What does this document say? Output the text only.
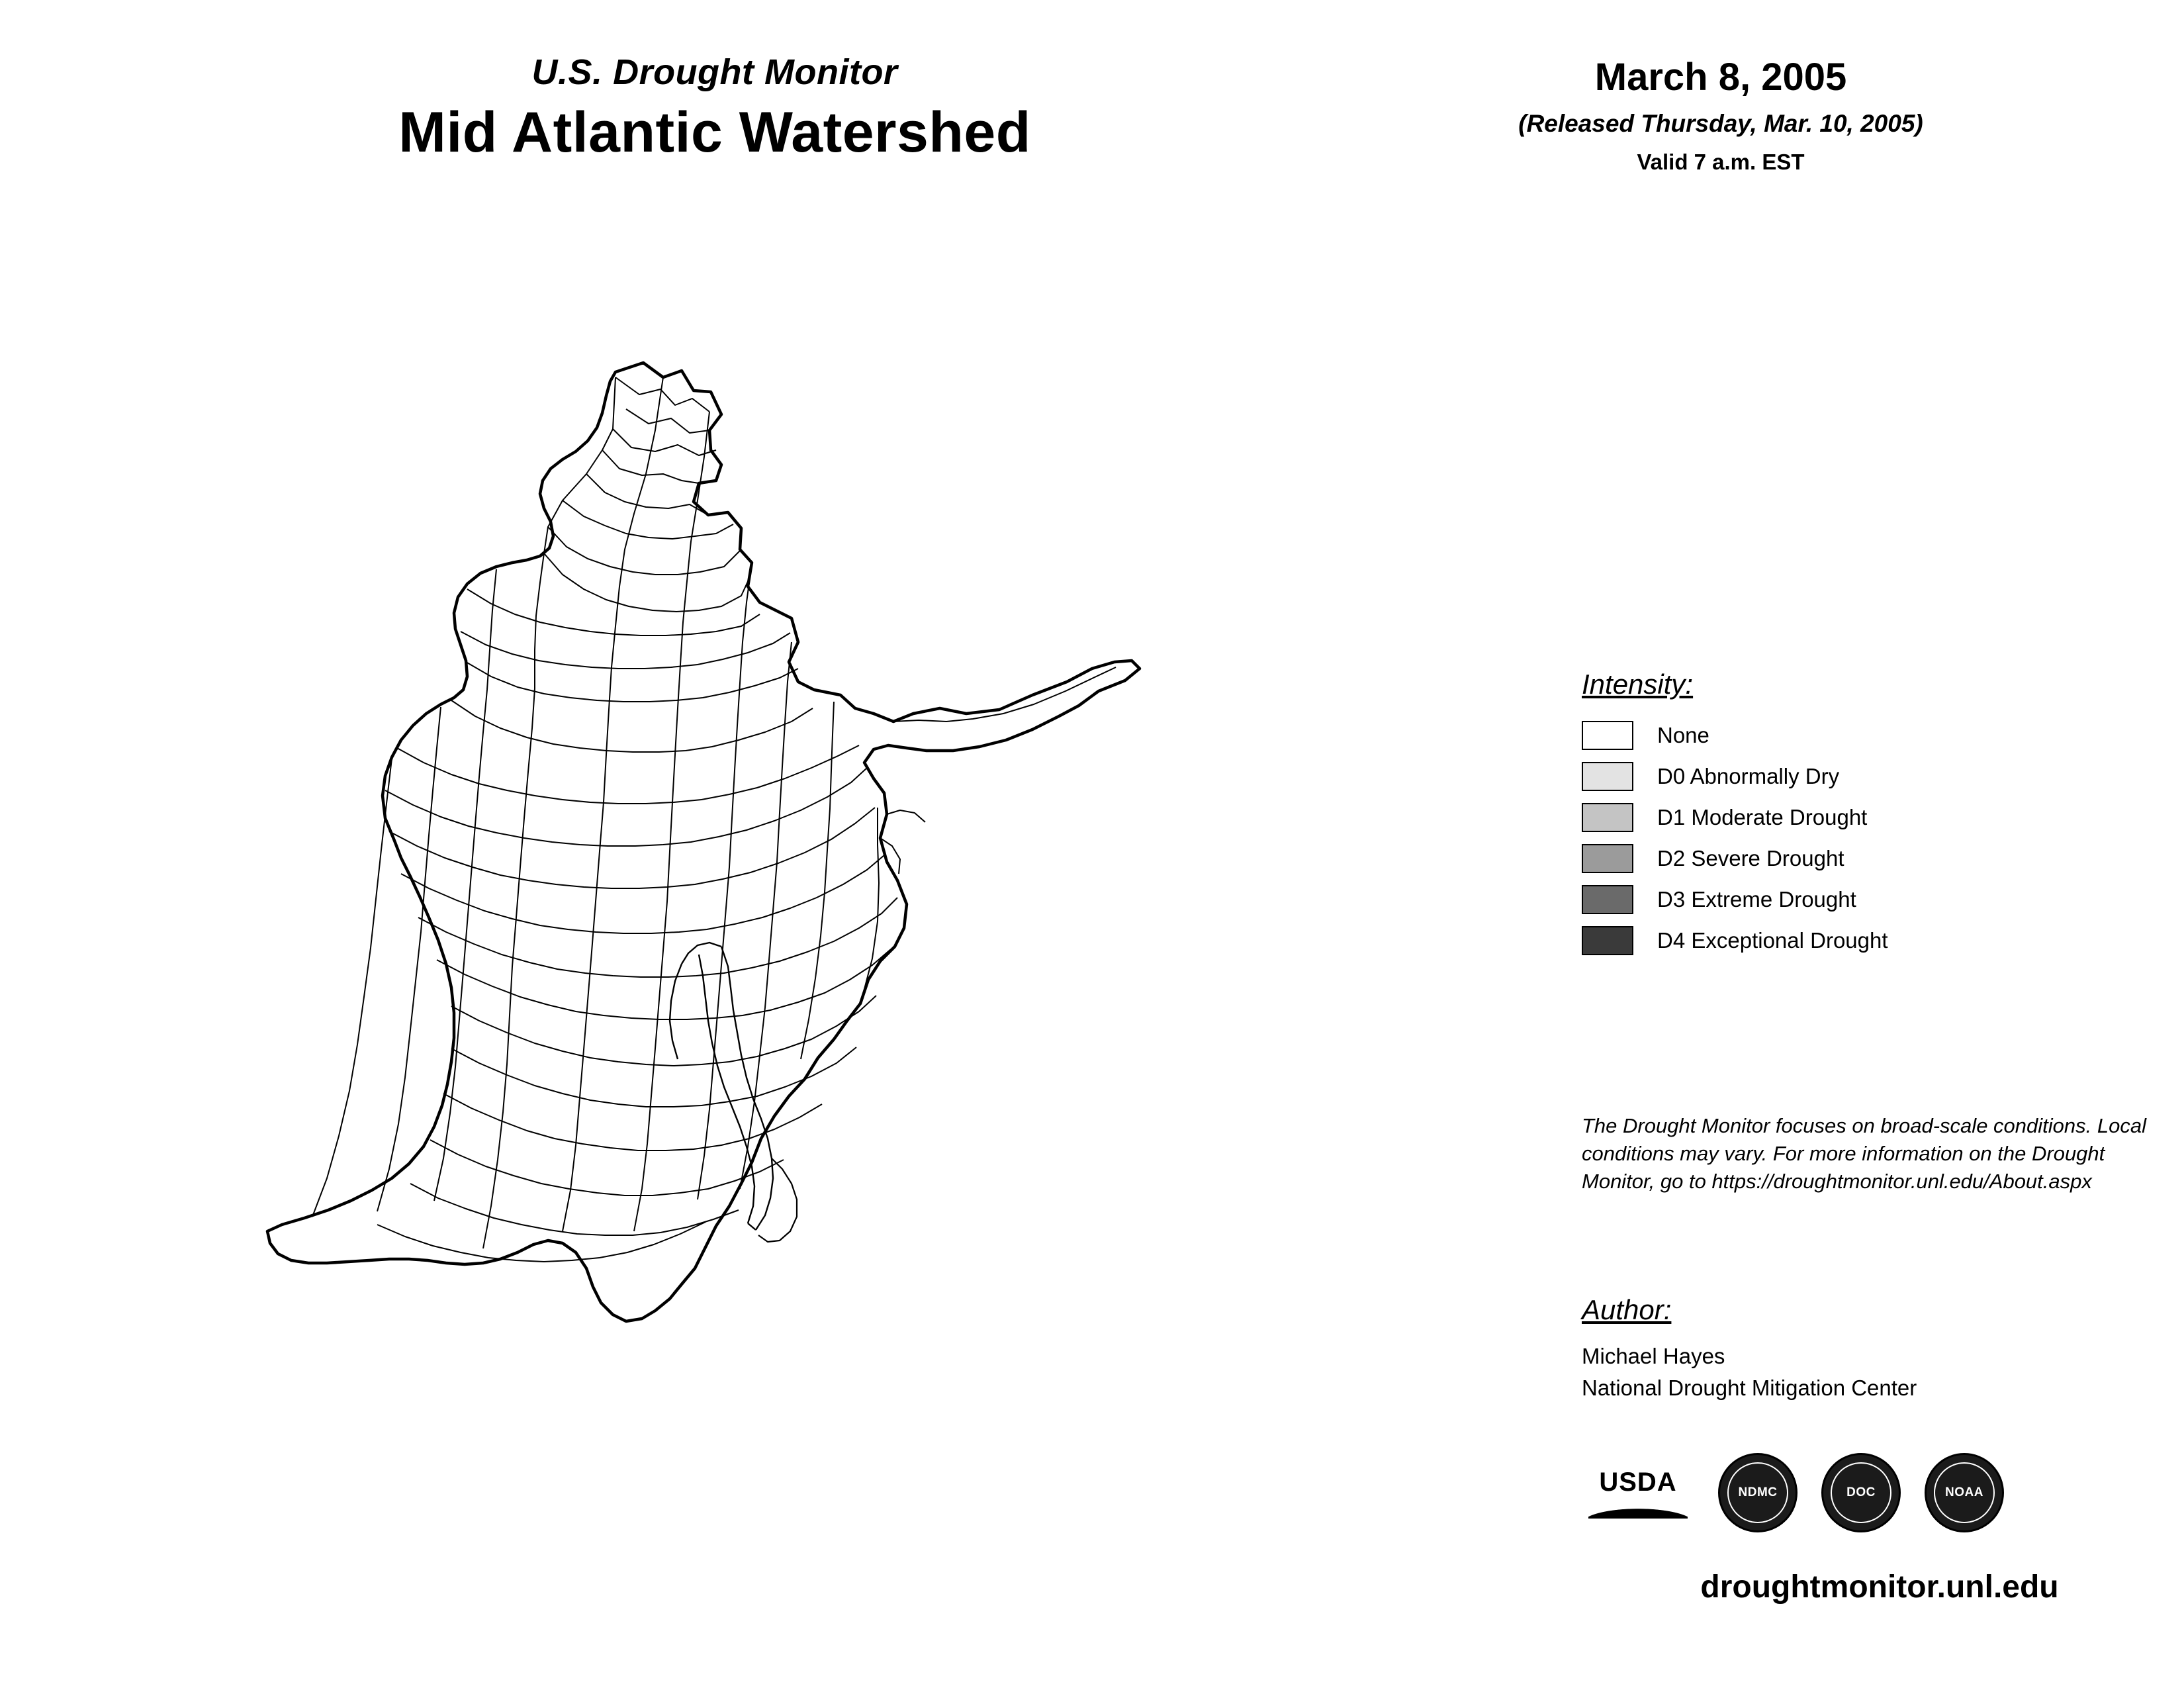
U.S. Drought Monitor
Mid Atlantic Watershed
March 8, 2005
(Released Thursday, Mar. 10, 2005)
Valid 7 a.m. EST
Intensity:
None
D0 Abnormally Dry
D1 Moderate Drought
D2 Severe Drought
D3 Extreme Drought
D4 Exceptional Drought
The Drought Monitor focuses on broad-scale conditions. Local conditions may vary. For more information on the Drought Monitor, go to https://droughtmonitor.unl.edu/About.aspx
Author:
Michael Hayes
National Drought Mitigation Center
USDA	NDMC	DOC	NOAA
droughtmonitor.unl.edu
